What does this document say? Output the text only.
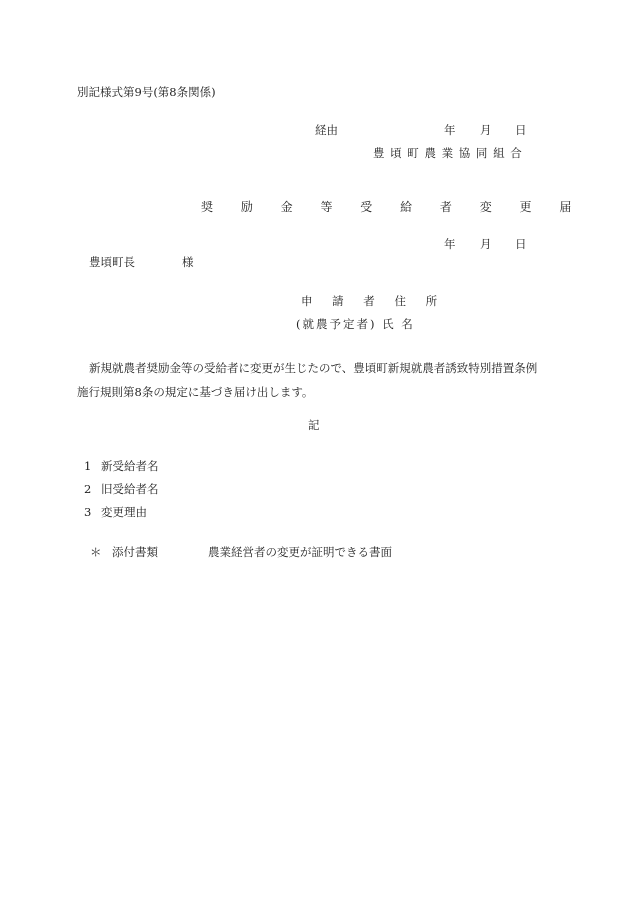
別記様式第9号(第8条関係)
経由	年 月 日
豊 頃 町 農 業 協 同 組 合
奨 励 金 等 受 給 者 変 更 届
年 月 日
豊頃町長	様
申 請 者 住 所
(就農予定者) 氏 名
新規就農者奨励金等の受給者に変更が生じたので、豊頃町新規就農者誘致特別措置条例
施行規則第8条の規定に基づき届け出します。
記
1 新受給者名
2 旧受給者名
3 変更理由
＊ 添付書類	農業経営者の変更が証明できる書面
